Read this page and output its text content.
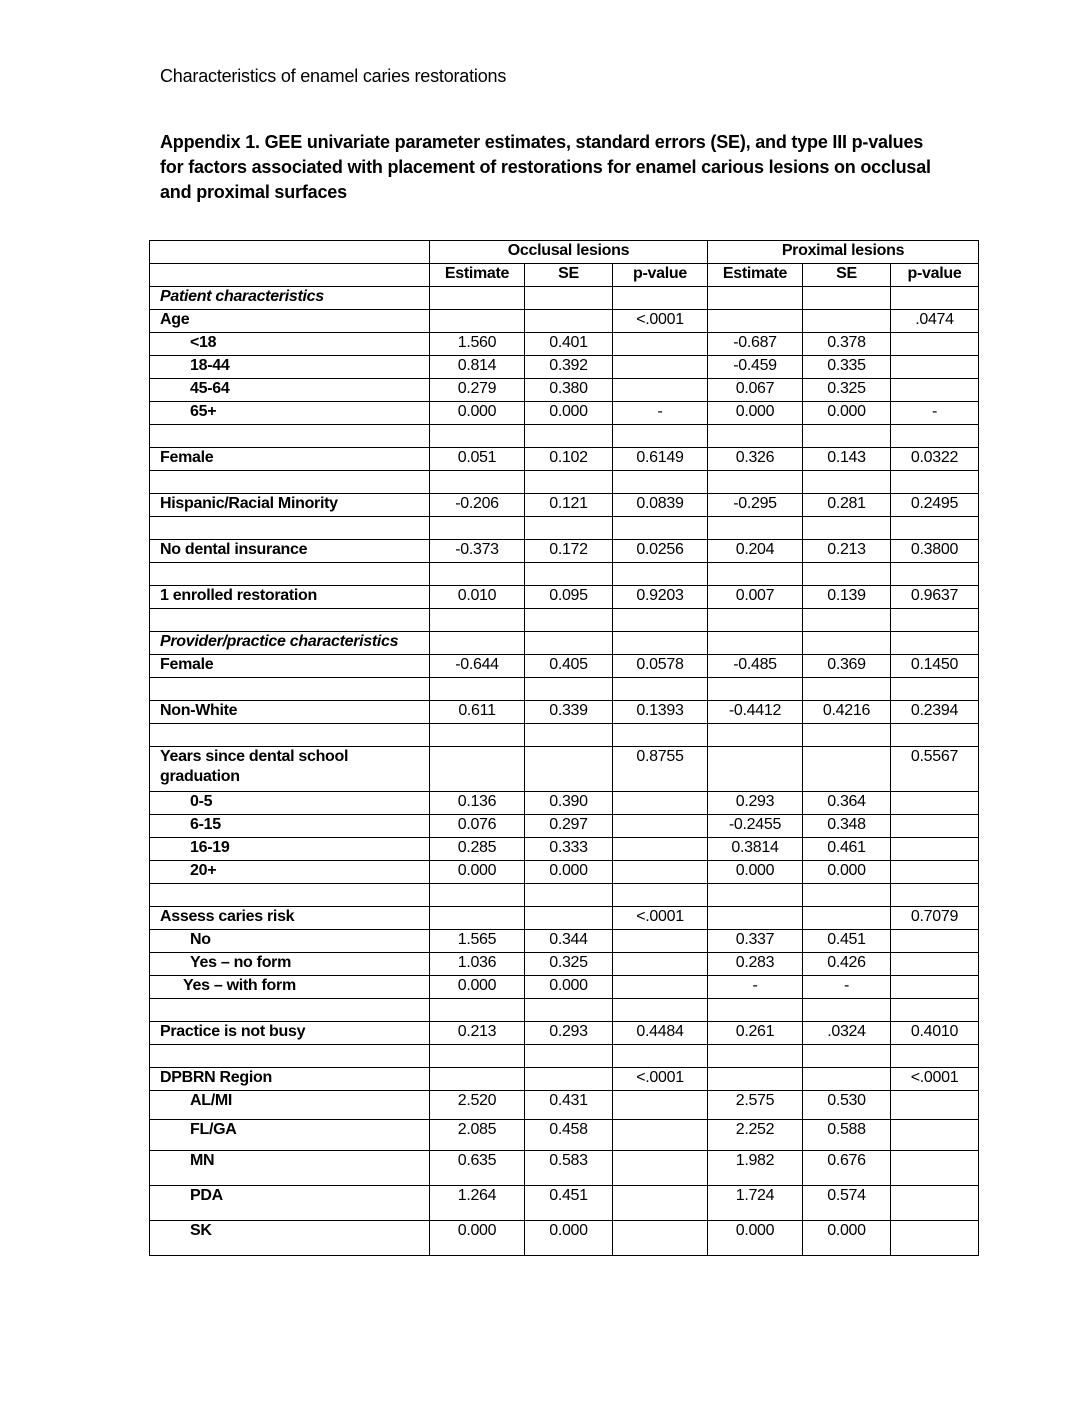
Characteristics of enamel caries restorations
Appendix 1. GEE univariate parameter estimates, standard errors (SE), and type III p-values for factors associated with placement of restorations for enamel carious lesions on occlusal and proximal surfaces
	Occlusal lesions			Proximal lesions		
	Estimate	SE	p-value	Estimate	SE	p-value
Patient characteristics						
Age			<.0001			.0474
<18	1.560	0.401		-0.687	0.378	
18-44	0.814	0.392		-0.459	0.335	
45-64	0.279	0.380		0.067	0.325	
65+	0.000	0.000	-	0.000	0.000	-

Female	0.051	0.102	0.6149	0.326	0.143	0.0322

Hispanic/Racial Minority	-0.206	0.121	0.0839	-0.295	0.281	0.2495

No dental insurance	-0.373	0.172	0.0256	0.204	0.213	0.3800

1 enrolled restoration	0.010	0.095	0.9203	0.007	0.139	0.9637

Provider/practice characteristics						
Female	-0.644	0.405	0.0578	-0.485	0.369	0.1450

Non-White	0.611	0.339	0.1393	-0.4412	0.4216	0.2394

Years since dental school graduation			0.8755			0.5567
0-5	0.136	0.390		0.293	0.364	
6-15	0.076	0.297		-0.2455	0.348	
16-19	0.285	0.333		0.3814	0.461	
20+	0.000	0.000		0.000	0.000	

Assess caries risk			<.0001			0.7079
No	1.565	0.344		0.337	0.451	
Yes – no form	1.036	0.325		0.283	0.426	
Yes – with form	0.000	0.000		-	-	

Practice is not busy	0.213	0.293	0.4484	0.261	.0324	0.4010

DPBRN Region			<.0001			<.0001
AL/MI	2.520	0.431		2.575	0.530	
FL/GA	2.085	0.458		2.252	0.588	
MN	0.635	0.583		1.982	0.676	
PDA	1.264	0.451		1.724	0.574	
SK	0.000	0.000		0.000	0.000	
